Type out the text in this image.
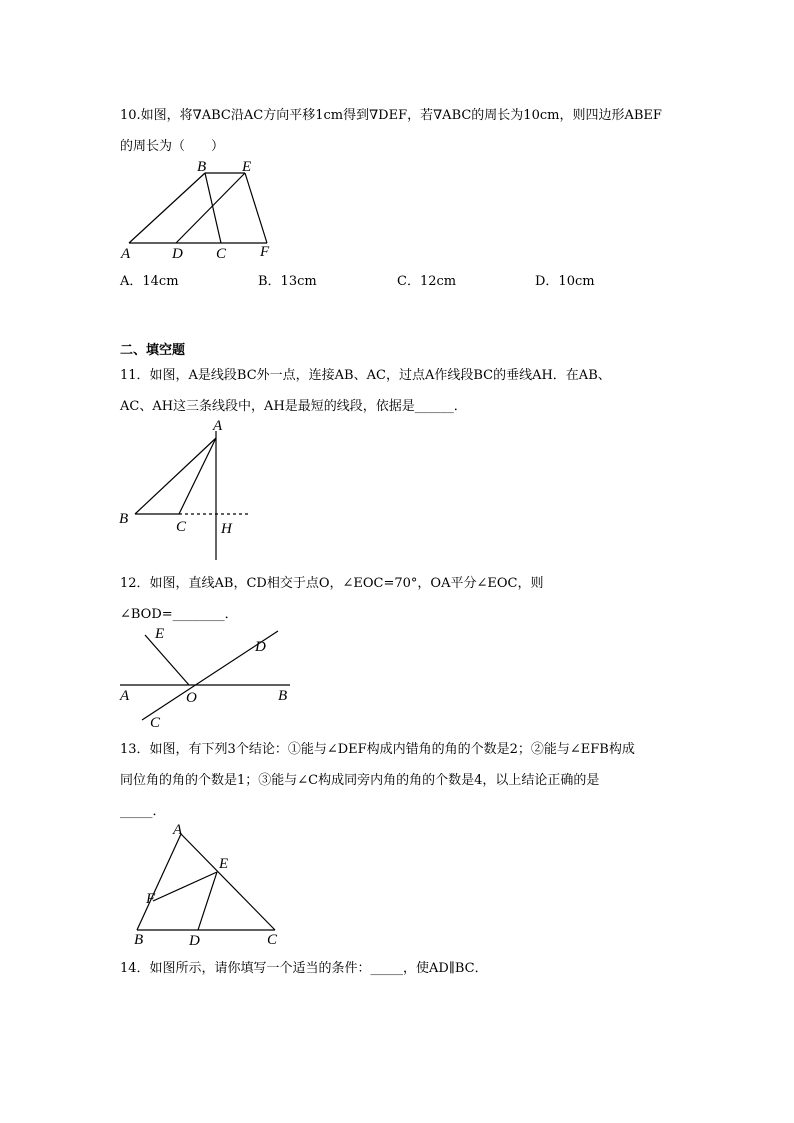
10.如图，将∇ABC沿AC方向平移1cm得到∇DEF，若∇ABC的周长为10cm，则四边形ABEF
的周长为（　　）
A
B E
D C F
A．14cm	B．13cm	C．12cm	D．10cm
二、填空题
11．如图，A是线段BC外一点，连接AB、AC，过点A作线段BC的垂线AH．在AB、
AC、AH这三条线段中，AH是最短的线段，依据是______．
A
B	C H
12．如图，直线AB，CD相交于点O，∠EOC=70°，OA平分∠EOC，则
∠BOD=________．
E
D
A	O	B
C
13．如图，有下列3个结论：①能与∠DEF构成内错角的角的个数是2；②能与∠EFB构成
同位角的角的个数是1；③能与∠C构成同旁内角的角的个数是4，以上结论正确的是
_____．
A
E
F
B	D	C
14．如图所示，请你填写一个适当的条件：_____，使AD∥BC．
